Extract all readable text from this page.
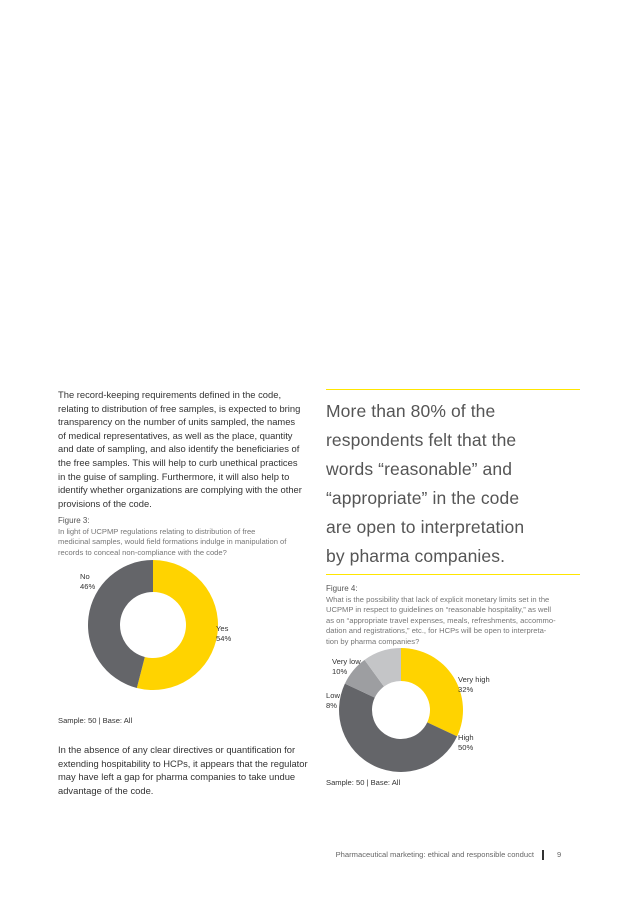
The record-keeping requirements defined in the code,
relating to distribution of free samples, is expected to bring
transparency on the number of units sampled, the names
of medical representatives, as well as the place, quantity
and date of sampling, and also identify the beneficiaries of
the free samples. This will help to curb unethical practices
in the guise of sampling. Furthermore, it will also help to
identify whether organizations are complying with the other
provisions of the code.
Figure 3:
In light of UCPMP regulations relating to distribution of free
medicinal samples, would field formations indulge in manipulation of
records to conceal non-compliance with the code?
No
46%
Yes
54%
Sample: 50 | Base: All
In the absence of any clear directives or quantification for
extending hospitability to HCPs, it appears that the regulator
may have left a gap for pharma companies to take undue
advantage of the code.
More than 80% of the
respondents felt that the
words “reasonable” and
“appropriate” in the code
are open to interpretation
by pharma companies.
Figure 4:
What is the possibility that lack of explicit monetary limits set in the
UCPMP in respect to guidelines on “reasonable hospitality,” as well
as on “appropriate travel expenses, meals, refreshments, accommo-
dation and registrations,” etc., for HCPs will be open to interpreta-
tion by pharma companies?
Very low
10%
Low
8%
Very high
32%
High
50%
Sample: 50 | Base: All
Pharmaceutical marketing: ethical and responsible conduct	9
